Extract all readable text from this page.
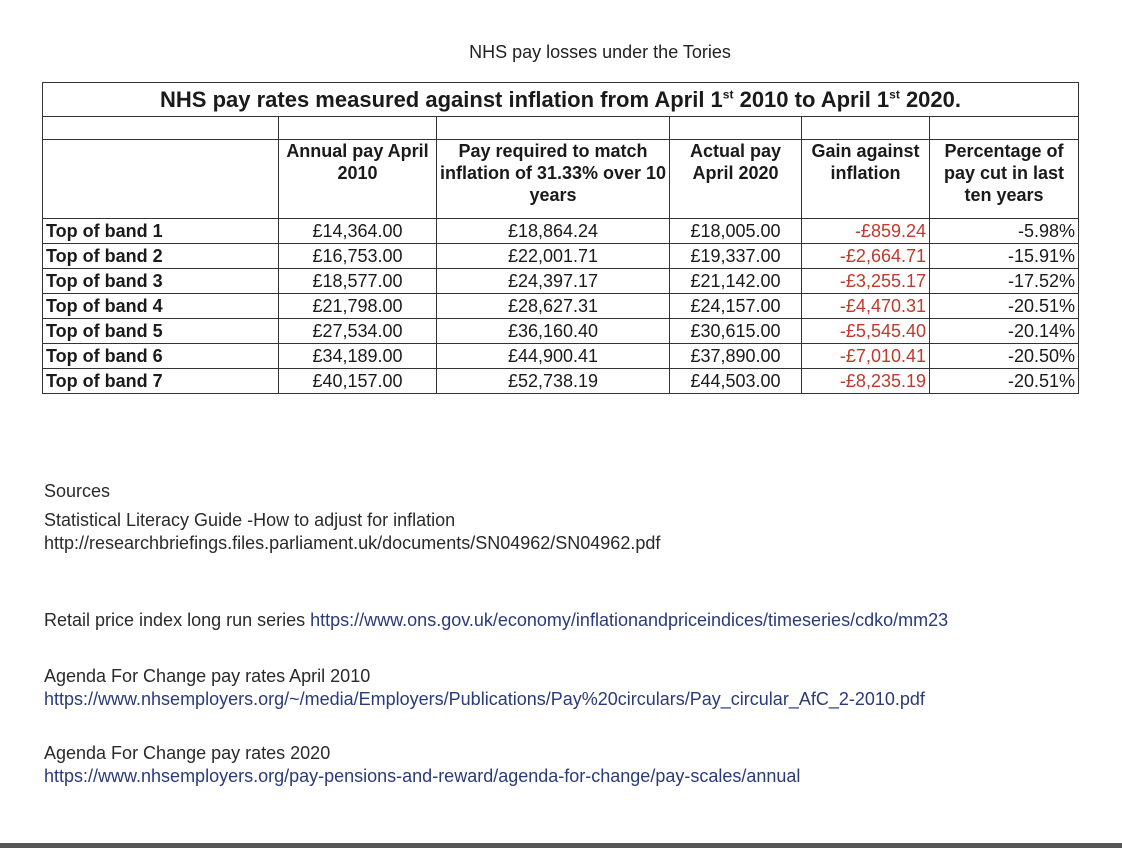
NHS pay losses under the Tories
NHS pay rates measured against inflation from April 1st 2010 to April 1st 2020.					

	Annual pay April 2010	Pay required to match inflation of 31.33% over 10 years	Actual pay April 2020	Gain against inflation	Percentage of pay cut in last ten years
Top of band 1	£14,364.00	£18,864.24	£18,005.00	-£859.24	-5.98%
Top of band 2	£16,753.00	£22,001.71	£19,337.00	-£2,664.71	-15.91%
Top of band 3	£18,577.00	£24,397.17	£21,142.00	-£3,255.17	-17.52%
Top of band 4	£21,798.00	£28,627.31	£24,157.00	-£4,470.31	-20.51%
Top of band 5	£27,534.00	£36,160.40	£30,615.00	-£5,545.40	-20.14%
Top of band 6	£34,189.00	£44,900.41	£37,890.00	-£7,010.41	-20.50%
Top of band 7	£40,157.00	£52,738.19	£44,503.00	-£8,235.19	-20.51%
Sources
Statistical Literacy Guide -How to adjust for inflation
http://researchbriefings.files.parliament.uk/documents/SN04962/SN04962.pdf
Retail price index long run series https://www.ons.gov.uk/economy/inflationandpriceindices/timeseries/cdko/mm23
Agenda For Change pay rates April 2010
https://www.nhsemployers.org/~/media/Employers/Publications/Pay%20circulars/Pay_circular_AfC_2-2010.pdf
Agenda For Change pay rates 2020
https://www.nhsemployers.org/pay-pensions-and-reward/agenda-for-change/pay-scales/annual
